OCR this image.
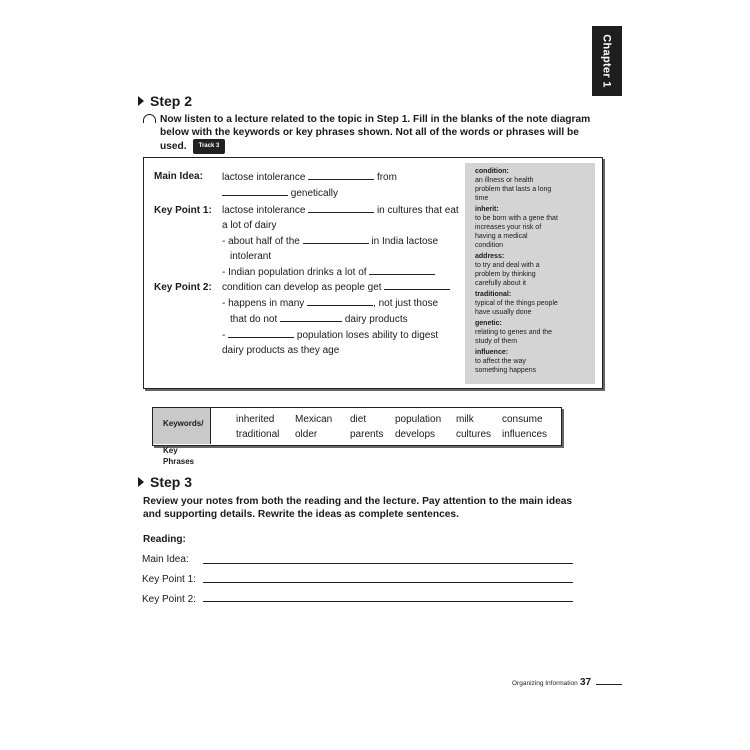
Chapter 1
Step 2
Now listen to a lecture related to the topic in Step 1. Fill in the blanks of the note diagram
below with the keywords or key phrases shown. Not all of the words or phrases will be
used. Track 3
Main Idea: lactose intolerance	from
genetically
Key Point 1: lactose intolerance	in cultures that eat
a lot of dairy
- about half of the	in India lactose
intolerant
- Indian population drinks a lot of
Key Point 2: condition can develop as people get
- happens in many	, not just those
that do not	dairy products
-	population loses ability to digest
dairy products as they age
condition:
an illness or health
problem that lasts a long
time
inherit:
to be born with a gene that
increases your risk of
having a medical
condition
address:
to try and deal with a
problem by thinking
carefully about it
traditional:
typical of the things people
have usually done
genetic:
relating to genes and the
study of them
influence:
to affect the way
something happens
Keywords/

Key Phrases
inherited Mexican diet	population milk	consume
traditional older	parents develops cultures influences
Step 3
Review your notes from both the reading and the lecture. Pay attention to the main ideas
and supporting details. Rewrite the ideas as complete sentences.
Reading:
Main Idea:
Key Point 1:
Key Point 2:
Organizing Information 37
